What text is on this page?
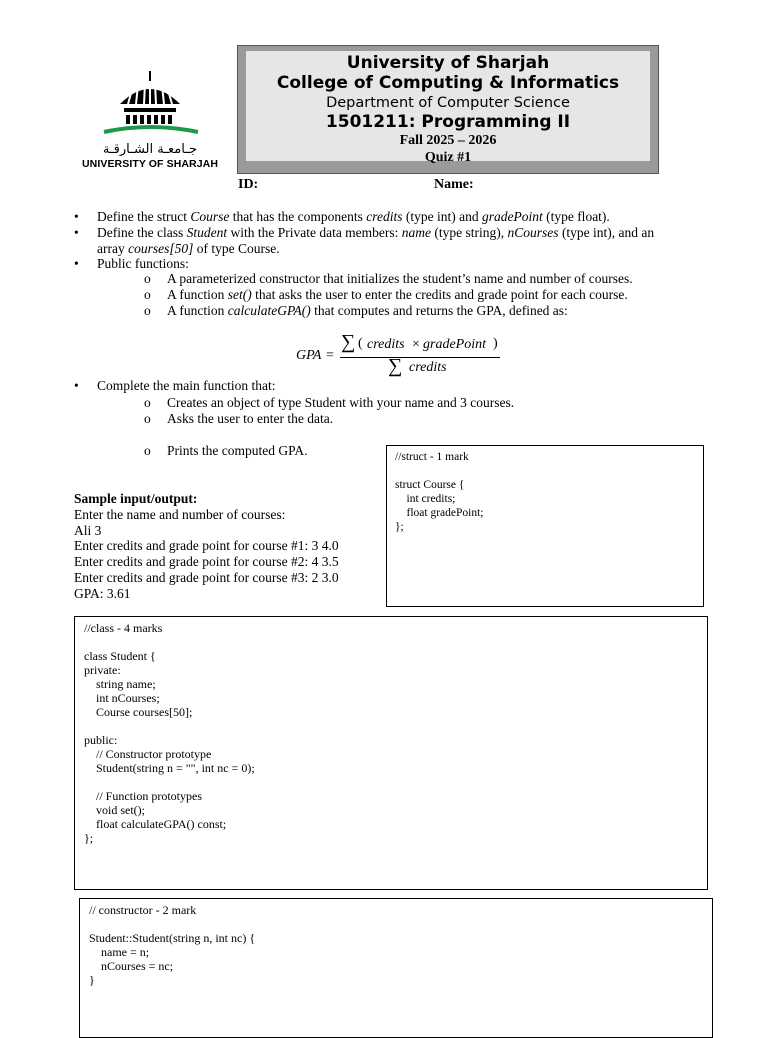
جـامعـة الشـارقـة
UNIVERSITY OF SHARJAH
University of Sharjah
College of Computing & Informatics
Department of Computer Science
1501211: Programming II
Fall 2025 – 2026
Quiz #1
ID:	Name:
•	Define the struct Course that has the components credits (type int) and gradePoint (type float).
•	Define the class Student with the Private data members: name (type string), nCourses (type int), and an
array courses[50] of type Course.
•	Public functions:
o A parameterized constructor that initializes the student’s name and number of courses.
o A function set() that asks the user to enter the credits and grade point for each course.
o A function calculateGPA() that computes and returns the GPA, defined as:
GPA =
∑ ( credits × gradePoint )
∑ credits
•	Complete the main function that:
o Creates an object of type Student with your name and 3 courses.
o Asks the user to enter the data.
o Prints the computed GPA.
Sample input/output:
Enter the name and number of courses:
Ali 3
Enter credits and grade point for course #1: 3 4.0
Enter credits and grade point for course #2: 4 3.5
Enter credits and grade point for course #3: 2 3.0
GPA: 3.61
//struct - 1 mark

struct Course {
int credits;
float gradePoint;
};
//class - 4 marks

class Student {
private:
string name;
int nCourses;
Course courses[50];

public:
// Constructor prototype
Student(string n = "", int nc = 0);

// Function prototypes
void set();
float calculateGPA() const;
};
// constructor - 2 mark

Student::Student(string n, int nc) {
name = n;
nCourses = nc;
}
